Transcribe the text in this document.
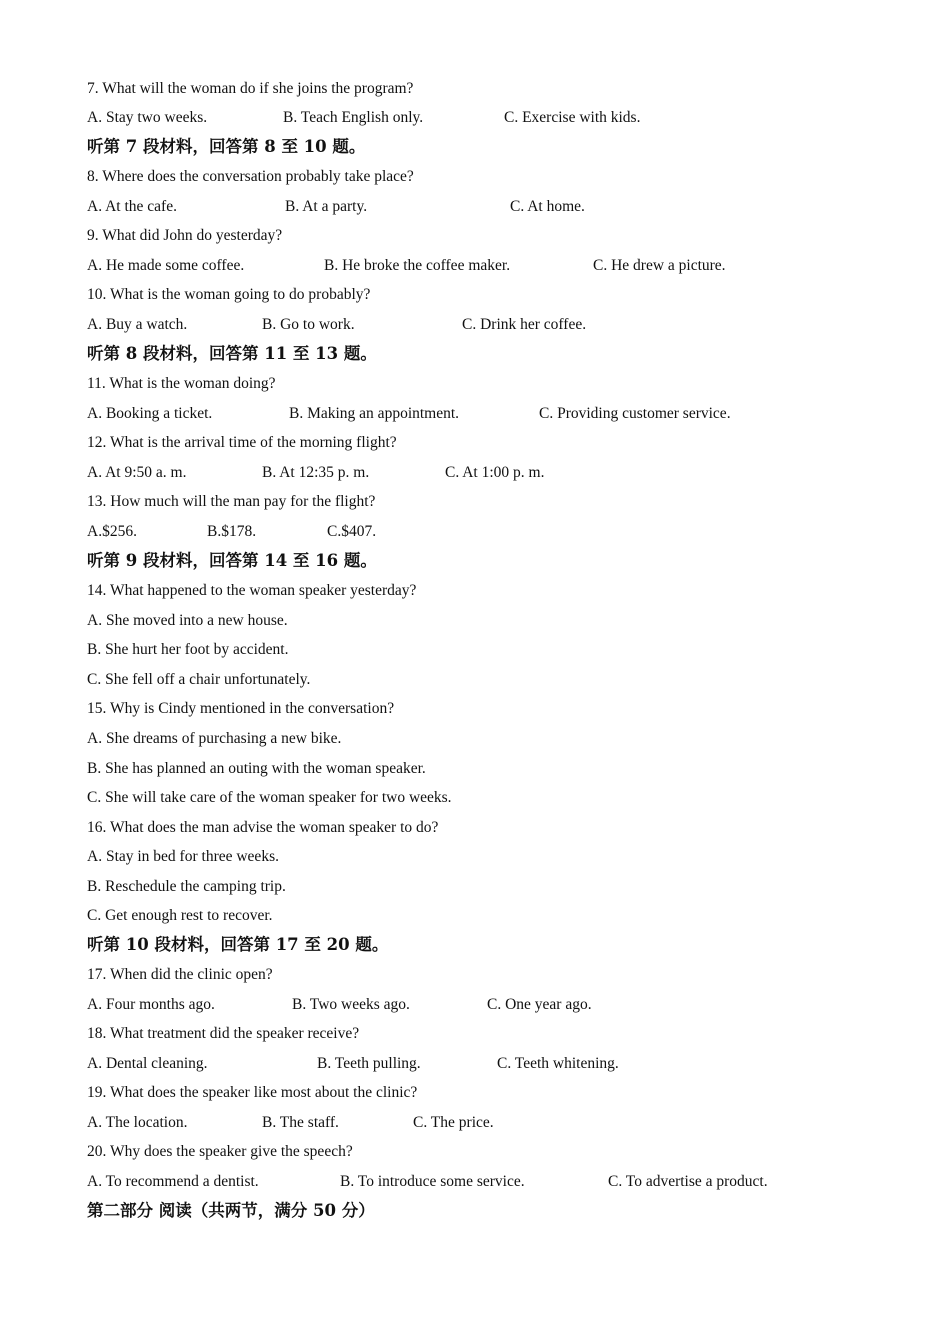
7. What will the woman do if she joins the program?
A. Stay two weeks.	B. Teach English only.	C. Exercise with kids.
听第 7 段材料，回答第 8 至 10 题。
8. Where does the conversation probably take place?
A. At the cafe.	B. At a party.	C. At home.
9. What did John do yesterday?
A. He made some coffee.	B. He broke the coffee maker.	C. He drew a picture.
10. What is the woman going to do probably?
A. Buy a watch.	B. Go to work.	C. Drink her coffee.
听第 8 段材料，回答第 11 至 13 题。
11. What is the woman doing?
A. Booking a ticket.	B. Making an appointment.	C. Providing customer service.
12. What is the arrival time of the morning flight?
A. At 9:50 a. m.	B. At 12:35 p. m.	C. At 1:00 p. m.
13. How much will the man pay for the flight?
A.$256.	B.$178.	C.$407.
听第 9 段材料，回答第 14 至 16 题。
14. What happened to the woman speaker yesterday?
A. She moved into a new house.
B. She hurt her foot by accident.
C. She fell off a chair unfortunately.
15. Why is Cindy mentioned in the conversation?
A. She dreams of purchasing a new bike.
B. She has planned an outing with the woman speaker.
C. She will take care of the woman speaker for two weeks.
16. What does the man advise the woman speaker to do?
A. Stay in bed for three weeks.
B. Reschedule the camping trip.
C. Get enough rest to recover.
听第 10 段材料，回答第 17 至 20 题。
17. When did the clinic open?
A. Four months ago.	B. Two weeks ago.	C. One year ago.
18. What treatment did the speaker receive?
A. Dental cleaning.	B. Teeth pulling.	C. Teeth whitening.
19. What does the speaker like most about the clinic?
A. The location.	B. The staff.	C. The price.
20. Why does the speaker give the speech?
A. To recommend a dentist.	B. To introduce some service.	C. To advertise a product.
第二部分 阅读（共两节，满分 50 分）
